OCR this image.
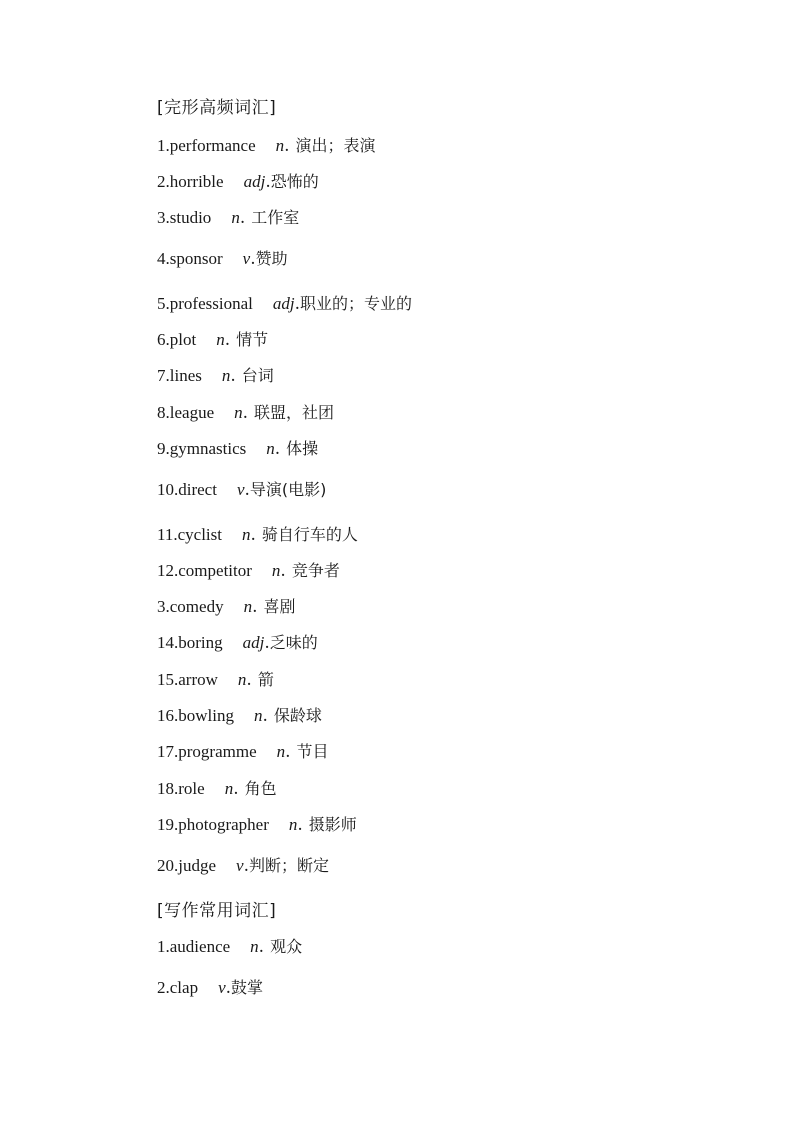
[完形高频词汇]
1.performance n. 演出；表演
2.horrible adj.恐怖的
3.studio n. 工作室
4.sponsor v.赞助
5.professional adj.职业的；专业的
6.plot n. 情节
7.lines n. 台词
8.league n. 联盟，社团
9.gymnastics n. 体操
10.direct v.导演(电影)
11.cyclist n. 骑自行车的人
12.competitor n. 竞争者
3.comedy n. 喜剧
14.boring adj.乏味的
15.arrow n. 箭
16.bowling n. 保龄球
17.programme n. 节目
18.role n. 角色
19.photographer n. 摄影师
20.judge v.判断；断定
[写作常用词汇]
1.audience n. 观众
2.clap v.鼓掌
